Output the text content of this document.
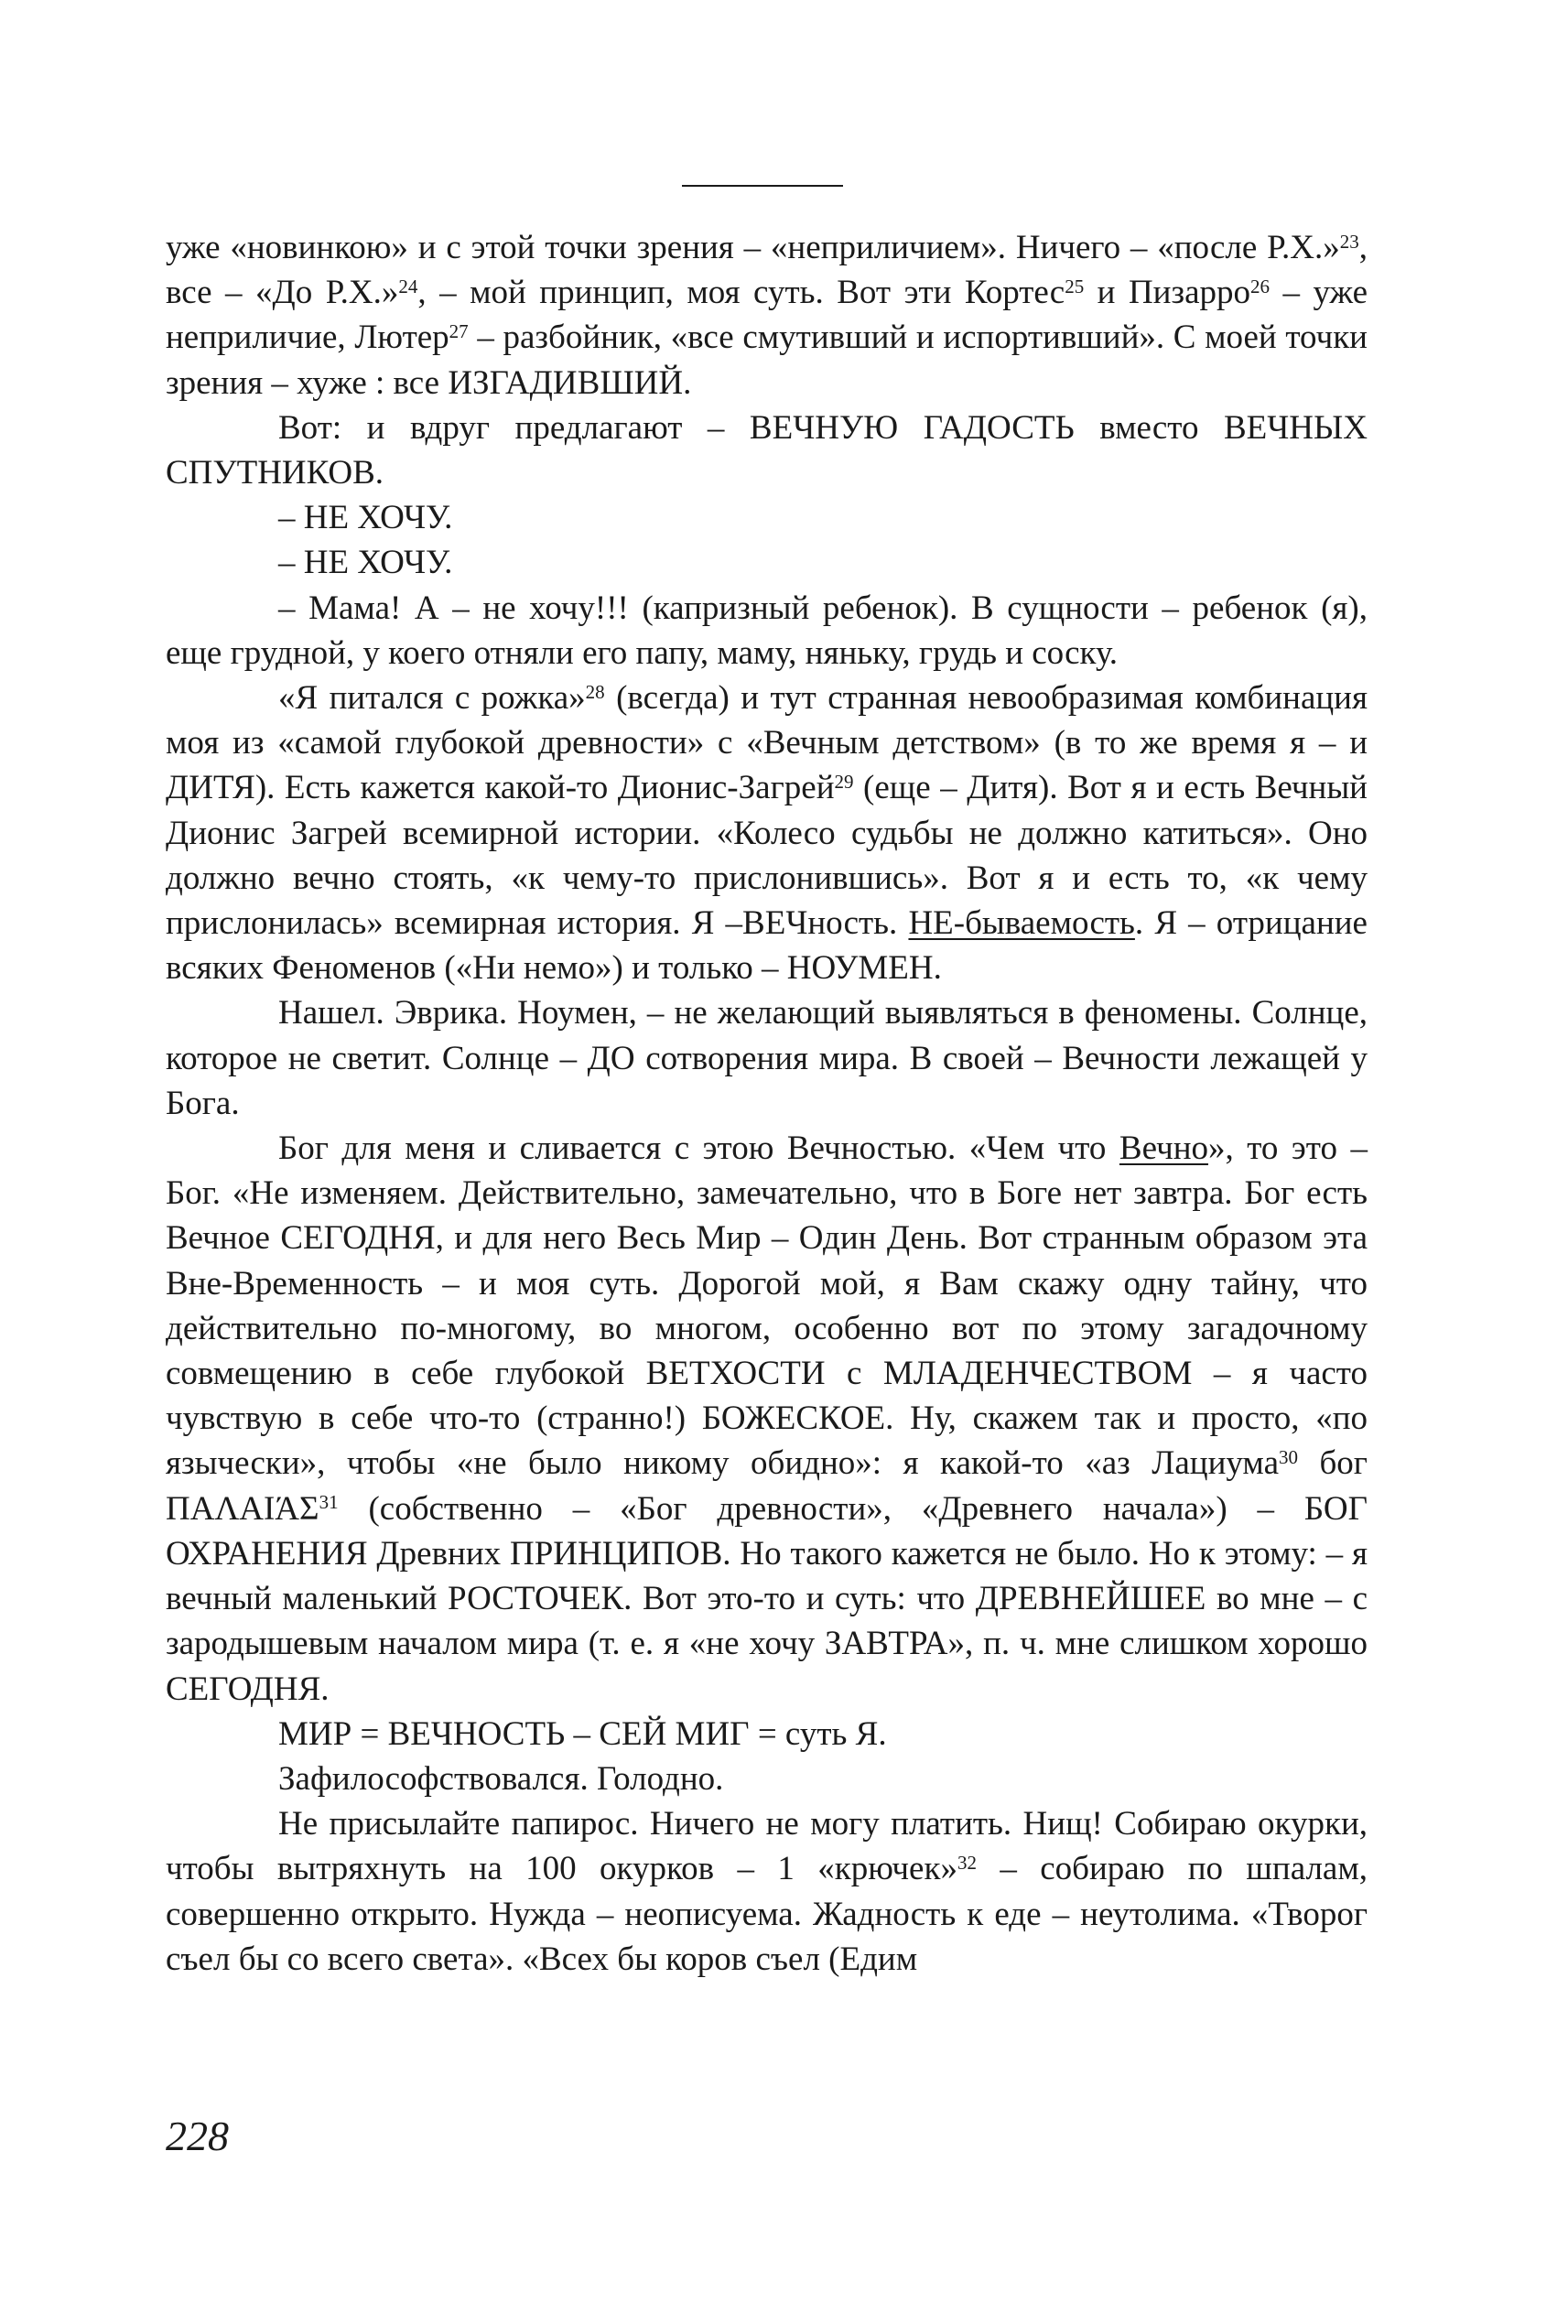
уже «новинкою» и с этой точки зрения – «неприличием». Ничего – «после Р.Х.»$^{23}$, все – «До Р.Х.»$^{24}$, – мой принцип, моя суть. Вот эти Кортес$^{25}$ и Пизарро$^{26}$ – уже неприличие, Лютер$^{27}$ – разбойник, «все смутивший и испортивший». С моей точки зрения – хуже : все ИЗГАДИВШИЙ.

Вот: и вдруг предлагают – ВЕЧНУЮ ГАДОСТЬ вместо ВЕЧНЫХ СПУТНИКОВ.

– НЕ ХОЧУ.

– НЕ ХОЧУ.

– Мама! А – не хочу!!! (капризный ребенок). В сущности – ребенок (я), еще грудной, у коего отняли его папу, маму, няньку, грудь и соску.

«Я питался с рожка»$^{28}$ (всегда) и тут странная невообразимая комбинация моя из «самой глубокой древности» с «Вечным детством» (в то же время я – и ДИТЯ). Есть кажется какой-то Дионис-Загрей$^{29}$ (еще – Дитя). Вот я и есть Вечный Дионис Загрей всемирной истории. «Колесо судьбы не должно катиться». Оно должно вечно стоять, «к чему-то прислонившись». Вот я и есть то, «к чему прислонилась» всемирная история. Я –ВЕЧность. НЕ-бываемость. Я – отрицание всяких Феноменов («Ни немо») и только – НОУМЕН.

Нашел. Эврика. Ноумен, – не желающий выявляться в феномены. Солнце, которое не светит. Солнце – ДО сотворения мира. В своей – Вечности лежащей у Бога.

Бог для меня и сливается с этою Вечностью. «Чем что Вечно», то это – Бог. «Не изменяем. Действительно, замечательно, что в Боге нет завтра. Бог есть Вечное СЕГОДНЯ, и для него Весь Мир – Один День. Вот странным образом эта Вне-Временность – и моя суть. Дорогой мой, я Вам скажу одну тайну, что действительно по-многому, во многом, особенно вот по этому загадочному совмещению в себе глубокой ВЕТХОСТИ с МЛАДЕНЧЕСТВОМ – я часто чувствую в себе что-то (странно!) БОЖЕСКОЕ. Ну, скажем так и просто, «по язычески», чтобы «не было никому обидно»: я какой-то «аз Лациума$^{30}$ бог ΠΑΛΑΙΆΣ$^{31}$ (собственно – «Бог древности», «Древнего начала») – БОГ ОХРАНЕНИЯ Древних ПРИНЦИПОВ. Но такого кажется не было. Но к этому: – я вечный маленький РОСТОЧЕК. Вот это-то и суть: что ДРЕВНЕЙШЕЕ во мне – с зародышевым началом мира (т. е. я «не хочу ЗАВТРА», п. ч. мне слишком хорошо СЕГОДНЯ.

МИР = ВЕЧНОСТЬ – СЕЙ МИГ = суть Я.

Зафилософствовался. Голодно.

Не присылайте папирос. Ничего не могу платить. Нищ! Собираю окурки, чтобы вытряхнуть на 100 окурков – 1 «крючек»$^{32}$ – собираю по шпалам, совершенно открыто. Нужда – неописуема. Жадность к еде – неутолима. «Творог съел бы со всего света». «Всех бы коров съел (Едим

228
